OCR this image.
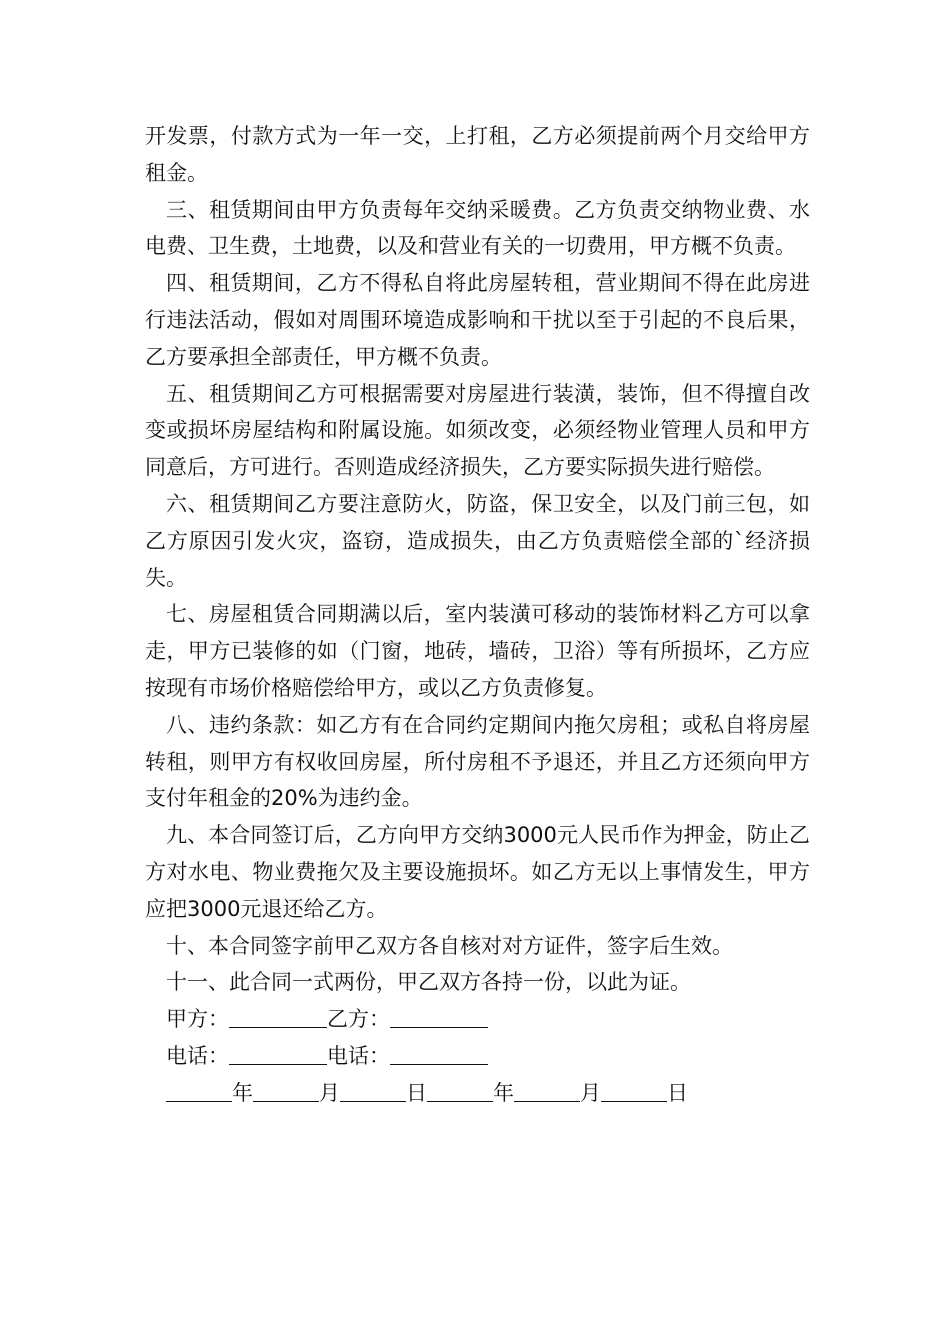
开发票，付款方式为一年一交，上打租，乙方必须提前两个月交给甲方租金。

三、租赁期间由甲方负责每年交纳采暖费。乙方负责交纳物业费、水电费、卫生费，土地费，以及和营业有关的一切费用，甲方概不负责。

四、租赁期间，乙方不得私自将此房屋转租，营业期间不得在此房进行违法活动，假如对周围环境造成影响和干扰以至于引起的不良后果，乙方要承担全部责任，甲方概不负责。

五、租赁期间乙方可根据需要对房屋进行装潢，装饰，但不得擅自改变或损坏房屋结构和附属设施。如须改变，必须经物业管理人员和甲方同意后，方可进行。否则造成经济损失，乙方要实际损失进行赔偿。

六、租赁期间乙方要注意防火，防盗，保卫安全，以及门前三包，如乙方原因引发火灾，盗窃，造成损失，由乙方负责赔偿全部的`经济损失。

七、房屋租赁合同期满以后，室内装潢可移动的装饰材料乙方可以拿走，甲方已装修的如（门窗，地砖，墙砖，卫浴）等有所损坏，乙方应按现有市场价格赔偿给甲方，或以乙方负责修复。

八、违约条款：如乙方有在合同约定期间内拖欠房租；或私自将房屋转租，则甲方有权收回房屋，所付房租不予退还，并且乙方还须向甲方支付年租金的20%为违约金。

九、本合同签订后，乙方向甲方交纳3000元人民币作为押金，防止乙方对水电、物业费拖欠及主要设施损坏。如乙方无以上事情发生，甲方应把3000元退还给乙方。

十、本合同签字前甲乙双方各自核对对方证件，签字后生效。

十一、此合同一式两份，甲乙双方各持一份，以此为证。

甲方：	乙方：

电话：	电话：

年	月	日	年	月	日
